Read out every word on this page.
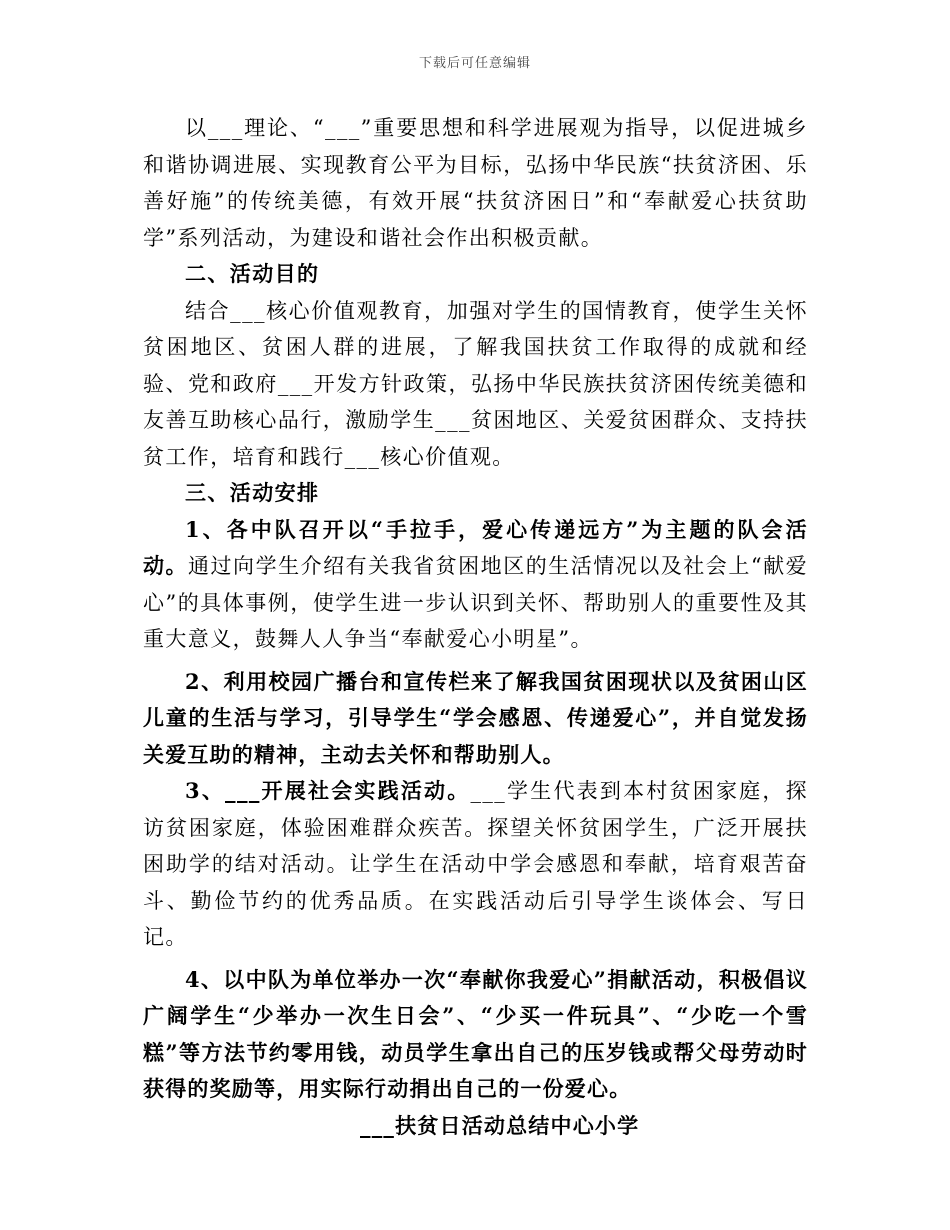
下载后可任意编辑

以___理论、“___”重要思想和科学进展观为指导，以促进城乡和谐协调进展、实现教育公平为目标，弘扬中华民族“扶贫济困、乐善好施”的传统美德，有效开展“扶贫济困日”和“奉献爱心扶贫助学”系列活动，为建设和谐社会作出积极贡献。

二、活动目的

结合___核心价值观教育，加强对学生的国情教育，使学生关怀贫困地区、贫困人群的进展，了解我国扶贫工作取得的成就和经验、党和政府___开发方针政策，弘扬中华民族扶贫济困传统美德和友善互助核心品行，激励学生___贫困地区、关爱贫困群众、支持扶贫工作，培育和践行___核心价值观。

三、活动安排

1、各中队召开以“手拉手，爱心传递远方”为主题的队会活动。通过向学生介绍有关我省贫困地区的生活情况以及社会上“献爱心”的具体事例，使学生进一步认识到关怀、帮助别人的重要性及其重大意义，鼓舞人人争当“奉献爱心小明星”。

2、利用校园广播台和宣传栏来了解我国贫困现状以及贫困山区儿童的生活与学习，引导学生“学会感恩、传递爱心”，并自觉发扬关爱互助的精神，主动去关怀和帮助别人。

3、___开展社会实践活动。___学生代表到本村贫困家庭，探访贫困家庭，体验困难群众疾苦。探望关怀贫困学生，广泛开展扶困助学的结对活动。让学生在活动中学会感恩和奉献，培育艰苦奋斗、勤俭节约的优秀品质。在实践活动后引导学生谈体会、写日记。

4、以中队为单位举办一次“奉献你我爱心”捐献活动，积极倡议广阔学生“少举办一次生日会”、“少买一件玩具”、“少吃一个雪糕”等方法节约零用钱，动员学生拿出自己的压岁钱或帮父母劳动时获得的奖励等，用实际行动捐出自己的一份爱心。

___扶贫日活动总结中心小学
